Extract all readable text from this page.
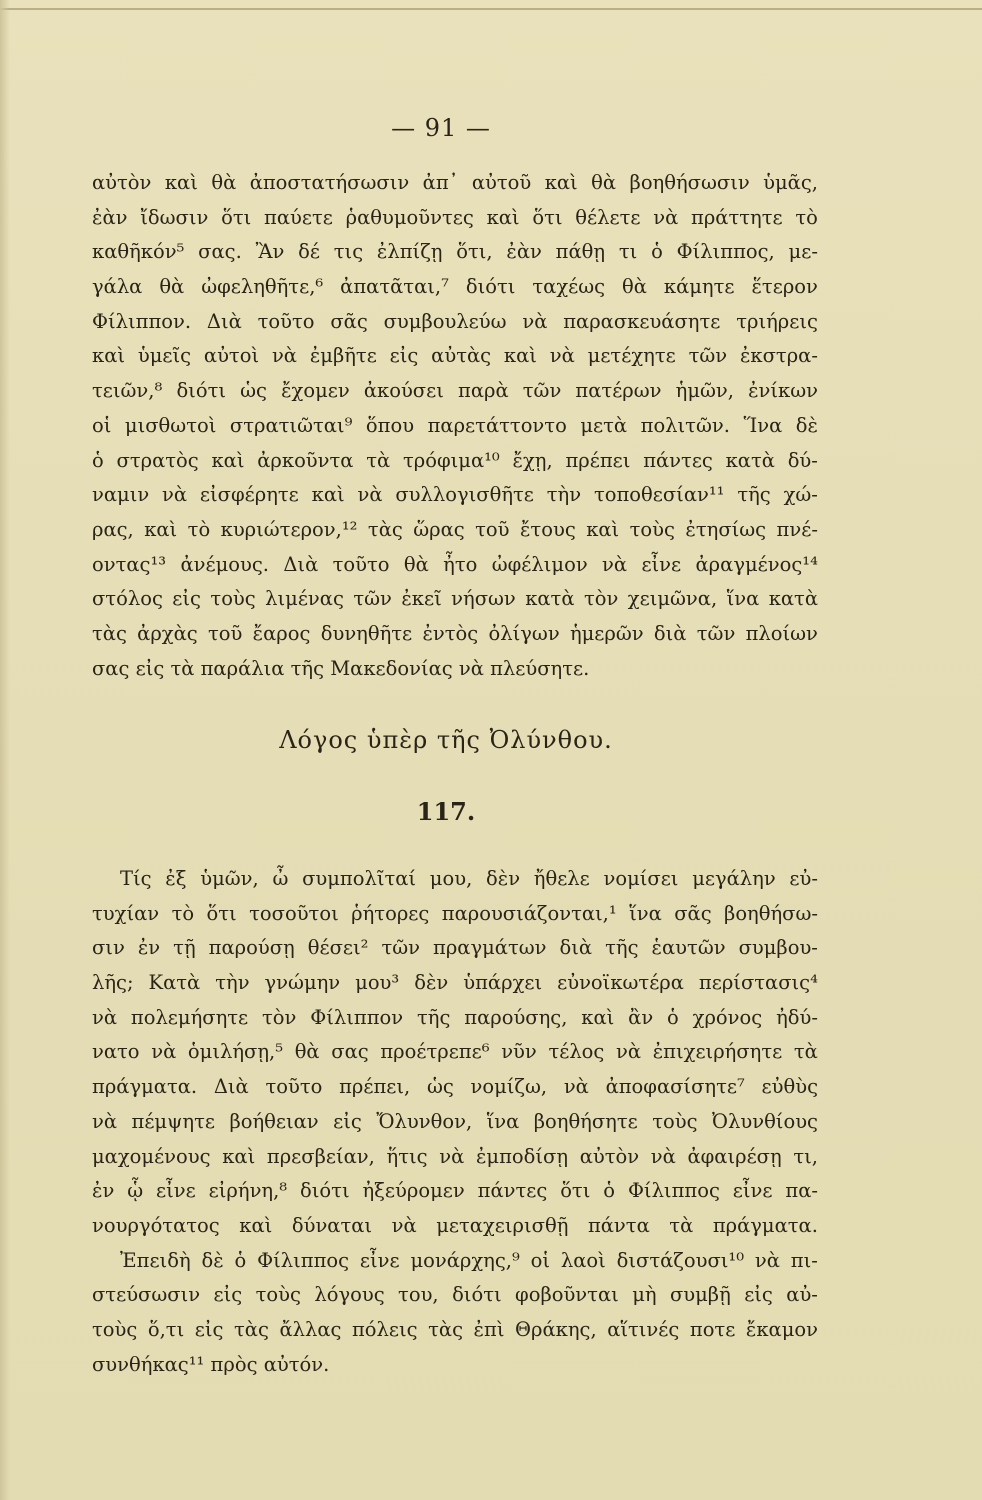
— 91 —
αὐτὸν καὶ θὰ ἀποστατήσωσιν ἀπ᾽ αὐτοῦ καὶ θὰ βοηθήσωσιν ὑμᾶς,
ἐὰν ἴδωσιν ὅτι παύετε ῥαθυμοῦντες καὶ ὅτι θέλετε νὰ πράττητε τὸ
καθῆκόν⁵ σας. Ἂν δέ τις ἐλπίζῃ ὅτι, ἐὰν πάθῃ τι ὁ Φίλιππος, με-
γάλα θὰ ὠφεληθῆτε,⁶ ἀπατᾶται,⁷ διότι ταχέως θὰ κάμητε ἕτερον
Φίλιππον. Διὰ τοῦτο σᾶς συμβουλεύω νὰ παρασκευάσητε τριήρεις
καὶ ὑμεῖς αὐτοὶ νὰ ἐμβῆτε εἰς αὐτὰς καὶ νὰ μετέχητε τῶν ἐκστρα-
τειῶν,⁸ διότι ὡς ἔχομεν ἀκούσει παρὰ τῶν πατέρων ἡμῶν, ἐνίκων
οἱ μισθωτοὶ στρατιῶται⁹ ὅπου παρετάττοντο μετὰ πολιτῶν. Ἵνα δὲ
ὁ στρατὸς καὶ ἀρκοῦντα τὰ τρόφιμα¹⁰ ἔχῃ, πρέπει πάντες κατὰ δύ-
ναμιν νὰ εἰσφέρητε καὶ νὰ συλλογισθῆτε τὴν τοποθεσίαν¹¹ τῆς χώ-
ρας, καὶ τὸ κυριώτερον,¹² τὰς ὥρας τοῦ ἔτους καὶ τοὺς ἐτησίως πνέ-
οντας¹³ ἀνέμους. Διὰ τοῦτο θὰ ἦτο ὠφέλιμον νὰ εἶνε ἀραγμένος¹⁴
στόλος εἰς τοὺς λιμένας τῶν ἐκεῖ νήσων κατὰ τὸν χειμῶνα, ἵνα κατὰ
τὰς ἀρχὰς τοῦ ἔαρος δυνηθῆτε ἐντὸς ὀλίγων ἡμερῶν διὰ τῶν πλοίων
σας εἰς τὰ παράλια τῆς Μακεδονίας νὰ πλεύσητε.
Λόγος ὑπὲρ τῆς Ὀλύνθου.
117.
Τίς ἐξ ὑμῶν, ὦ συμπολῖταί μου, δὲν ἤθελε νομίσει μεγάλην εὐ-
τυχίαν τὸ ὅτι τοσοῦτοι ῥήτορες παρουσιάζονται,¹ ἵνα σᾶς βοηθήσω-
σιν ἐν τῇ παρούσῃ θέσει² τῶν πραγμάτων διὰ τῆς ἑαυτῶν συμβου-
λῆς; Κατὰ τὴν γνώμην μου³ δὲν ὑπάρχει εὐνοϊκωτέρα περίστασις⁴
νὰ πολεμήσητε τὸν Φίλιππον τῆς παρούσης, καὶ ἂν ὁ χρόνος ἠδύ-
νατο νὰ ὁμιλήσῃ,⁵ θὰ σας προέτρεπε⁶ νῦν τέλος νὰ ἐπιχειρήσητε τὰ
πράγματα. Διὰ τοῦτο πρέπει, ὡς νομίζω, νὰ ἀποφασίσητε⁷ εὐθὺς
νὰ πέμψητε βοήθειαν εἰς Ὄλυνθον, ἵνα βοηθήσητε τοὺς Ὀλυνθίους
μαχομένους καὶ πρεσβείαν, ἥτις νὰ ἐμποδίσῃ αὐτὸν νὰ ἀφαιρέσῃ τι,
ἐν ᾧ εἶνε εἰρήνη,⁸ διότι ἠξεύρομεν πάντες ὅτι ὁ Φίλιππος εἶνε πα-
νουργότατος καὶ δύναται νὰ μεταχειρισθῇ πάντα τὰ πράγματα.
Ἐπειδὴ δὲ ὁ Φίλιππος εἶνε μονάρχης,⁹ οἱ λαοὶ διστάζουσι¹⁰ νὰ πι-
στεύσωσιν εἰς τοὺς λόγους του, διότι φοβοῦνται μὴ συμβῇ εἰς αὐ-
τοὺς ὅ,τι εἰς τὰς ἄλλας πόλεις τὰς ἐπὶ Θράκης, αἵτινές ποτε ἔκαμον
συνθήκας¹¹ πρὸς αὐτόν.
